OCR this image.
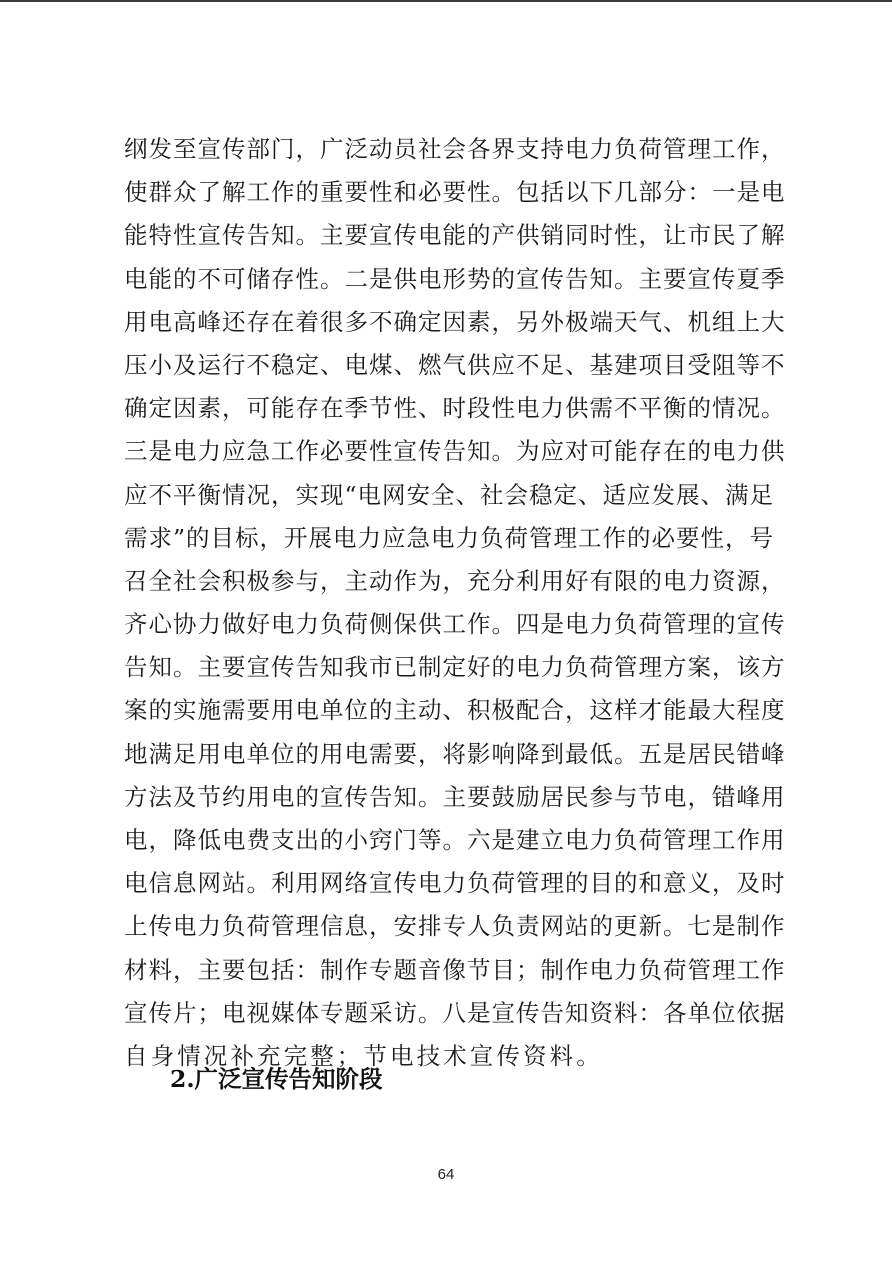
纲发至宣传部门，广泛动员社会各界支持电力负荷管理工作，
使群众了解工作的重要性和必要性。包括以下几部分：一是电
能特性宣传告知。主要宣传电能的产供销同时性，让市民了解
电能的不可储存性。二是供电形势的宣传告知。主要宣传夏季
用电高峰还存在着很多不确定因素，另外极端天气、机组上大
压小及运行不稳定、电煤、燃气供应不足、基建项目受阻等不
确定因素，可能存在季节性、时段性电力供需不平衡的情况。
三是电力应急工作必要性宣传告知。为应对可能存在的电力供
应不平衡情况，实现“电网安全、社会稳定、适应发展、满足
需求”的目标，开展电力应急电力负荷管理工作的必要性，号
召全社会积极参与，主动作为，充分利用好有限的电力资源，
齐心协力做好电力负荷侧保供工作。四是电力负荷管理的宣传
告知。主要宣传告知我市已制定好的电力负荷管理方案，该方
案的实施需要用电单位的主动、积极配合，这样才能最大程度
地满足用电单位的用电需要，将影响降到最低。五是居民错峰
方法及节约用电的宣传告知。主要鼓励居民参与节电，错峰用
电，降低电费支出的小窍门等。六是建立电力负荷管理工作用
电信息网站。利用网络宣传电力负荷管理的目的和意义，及时
上传电力负荷管理信息，安排专人负责网站的更新。七是制作
材料，主要包括：制作专题音像节目；制作电力负荷管理工作
宣传片；电视媒体专题采访。八是宣传告知资料：各单位依据
自身情况补充完整；节电技术宣传资料。
2.广泛宣传告知阶段
64
